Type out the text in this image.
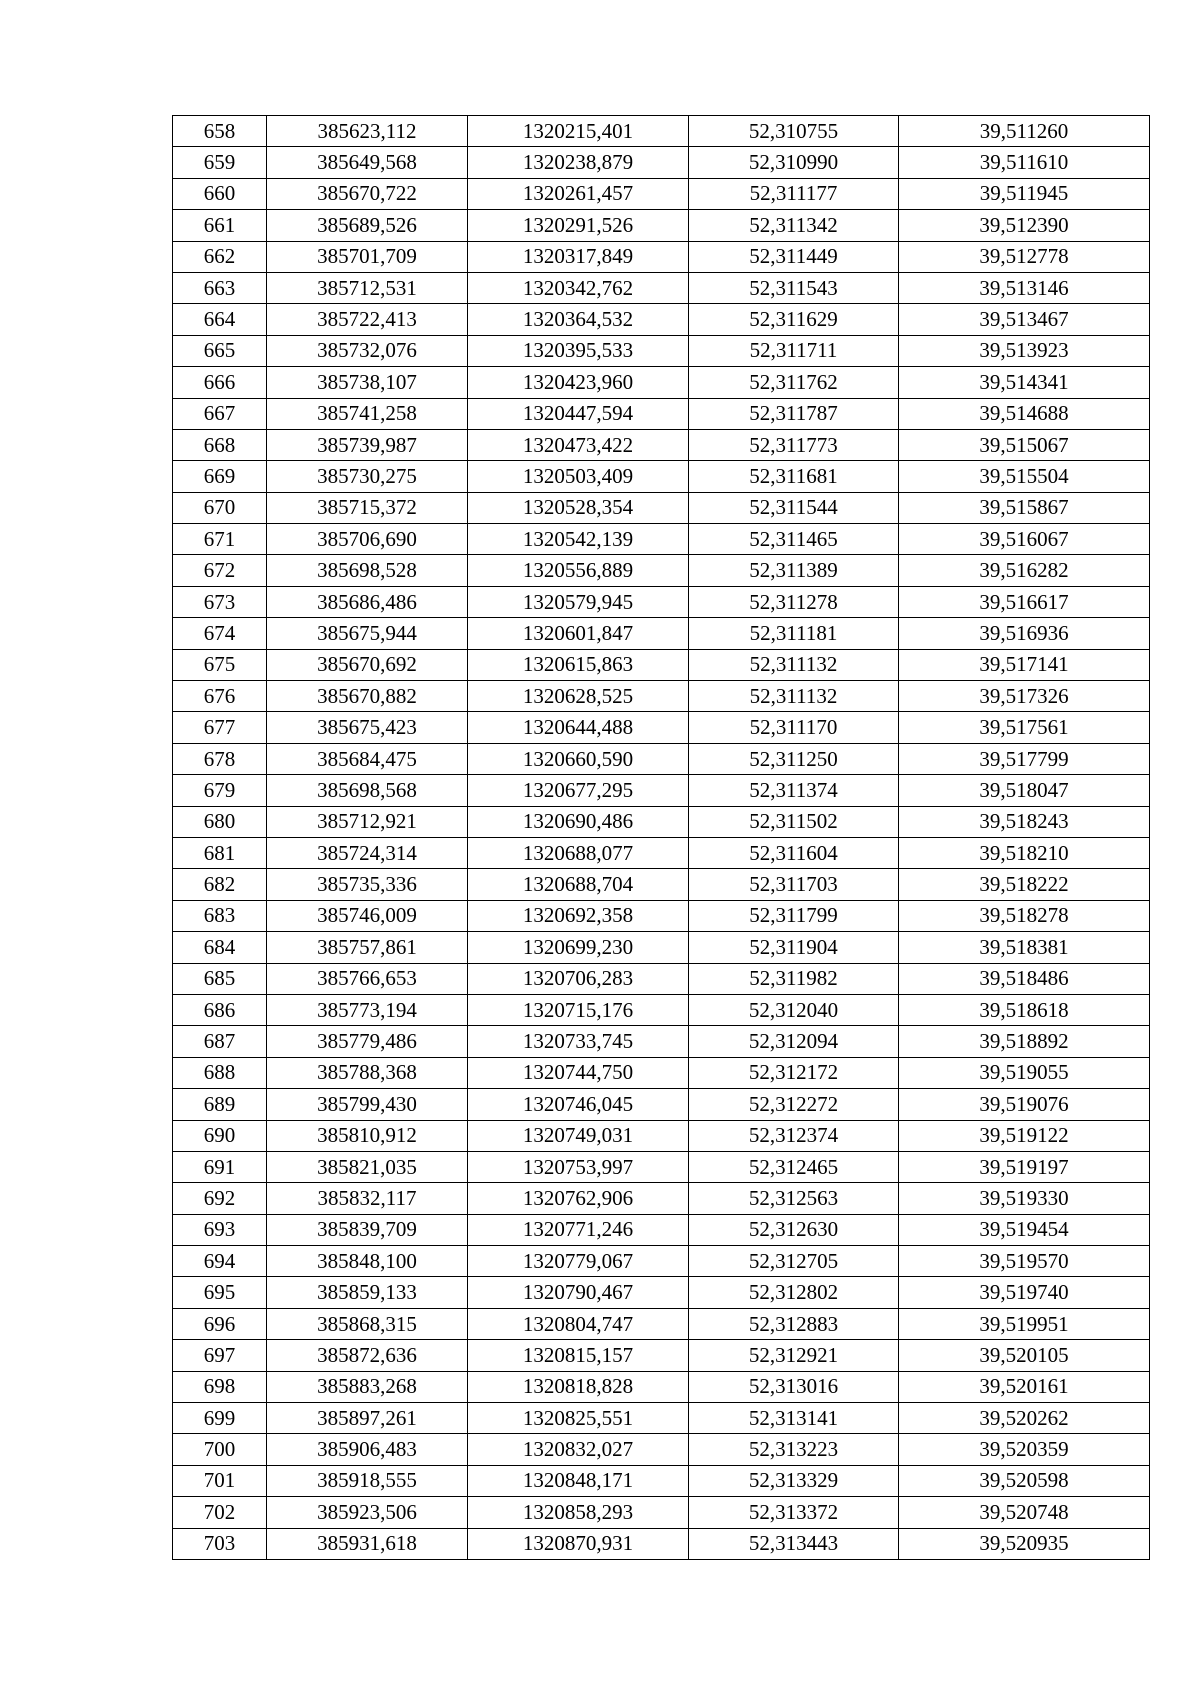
658	385623,112	1320215,401	52,310755	39,511260
659	385649,568	1320238,879	52,310990	39,511610
660	385670,722	1320261,457	52,311177	39,511945
661	385689,526	1320291,526	52,311342	39,512390
662	385701,709	1320317,849	52,311449	39,512778
663	385712,531	1320342,762	52,311543	39,513146
664	385722,413	1320364,532	52,311629	39,513467
665	385732,076	1320395,533	52,311711	39,513923
666	385738,107	1320423,960	52,311762	39,514341
667	385741,258	1320447,594	52,311787	39,514688
668	385739,987	1320473,422	52,311773	39,515067
669	385730,275	1320503,409	52,311681	39,515504
670	385715,372	1320528,354	52,311544	39,515867
671	385706,690	1320542,139	52,311465	39,516067
672	385698,528	1320556,889	52,311389	39,516282
673	385686,486	1320579,945	52,311278	39,516617
674	385675,944	1320601,847	52,311181	39,516936
675	385670,692	1320615,863	52,311132	39,517141
676	385670,882	1320628,525	52,311132	39,517326
677	385675,423	1320644,488	52,311170	39,517561
678	385684,475	1320660,590	52,311250	39,517799
679	385698,568	1320677,295	52,311374	39,518047
680	385712,921	1320690,486	52,311502	39,518243
681	385724,314	1320688,077	52,311604	39,518210
682	385735,336	1320688,704	52,311703	39,518222
683	385746,009	1320692,358	52,311799	39,518278
684	385757,861	1320699,230	52,311904	39,518381
685	385766,653	1320706,283	52,311982	39,518486
686	385773,194	1320715,176	52,312040	39,518618
687	385779,486	1320733,745	52,312094	39,518892
688	385788,368	1320744,750	52,312172	39,519055
689	385799,430	1320746,045	52,312272	39,519076
690	385810,912	1320749,031	52,312374	39,519122
691	385821,035	1320753,997	52,312465	39,519197
692	385832,117	1320762,906	52,312563	39,519330
693	385839,709	1320771,246	52,312630	39,519454
694	385848,100	1320779,067	52,312705	39,519570
695	385859,133	1320790,467	52,312802	39,519740
696	385868,315	1320804,747	52,312883	39,519951
697	385872,636	1320815,157	52,312921	39,520105
698	385883,268	1320818,828	52,313016	39,520161
699	385897,261	1320825,551	52,313141	39,520262
700	385906,483	1320832,027	52,313223	39,520359
701	385918,555	1320848,171	52,313329	39,520598
702	385923,506	1320858,293	52,313372	39,520748
703	385931,618	1320870,931	52,313443	39,520935
